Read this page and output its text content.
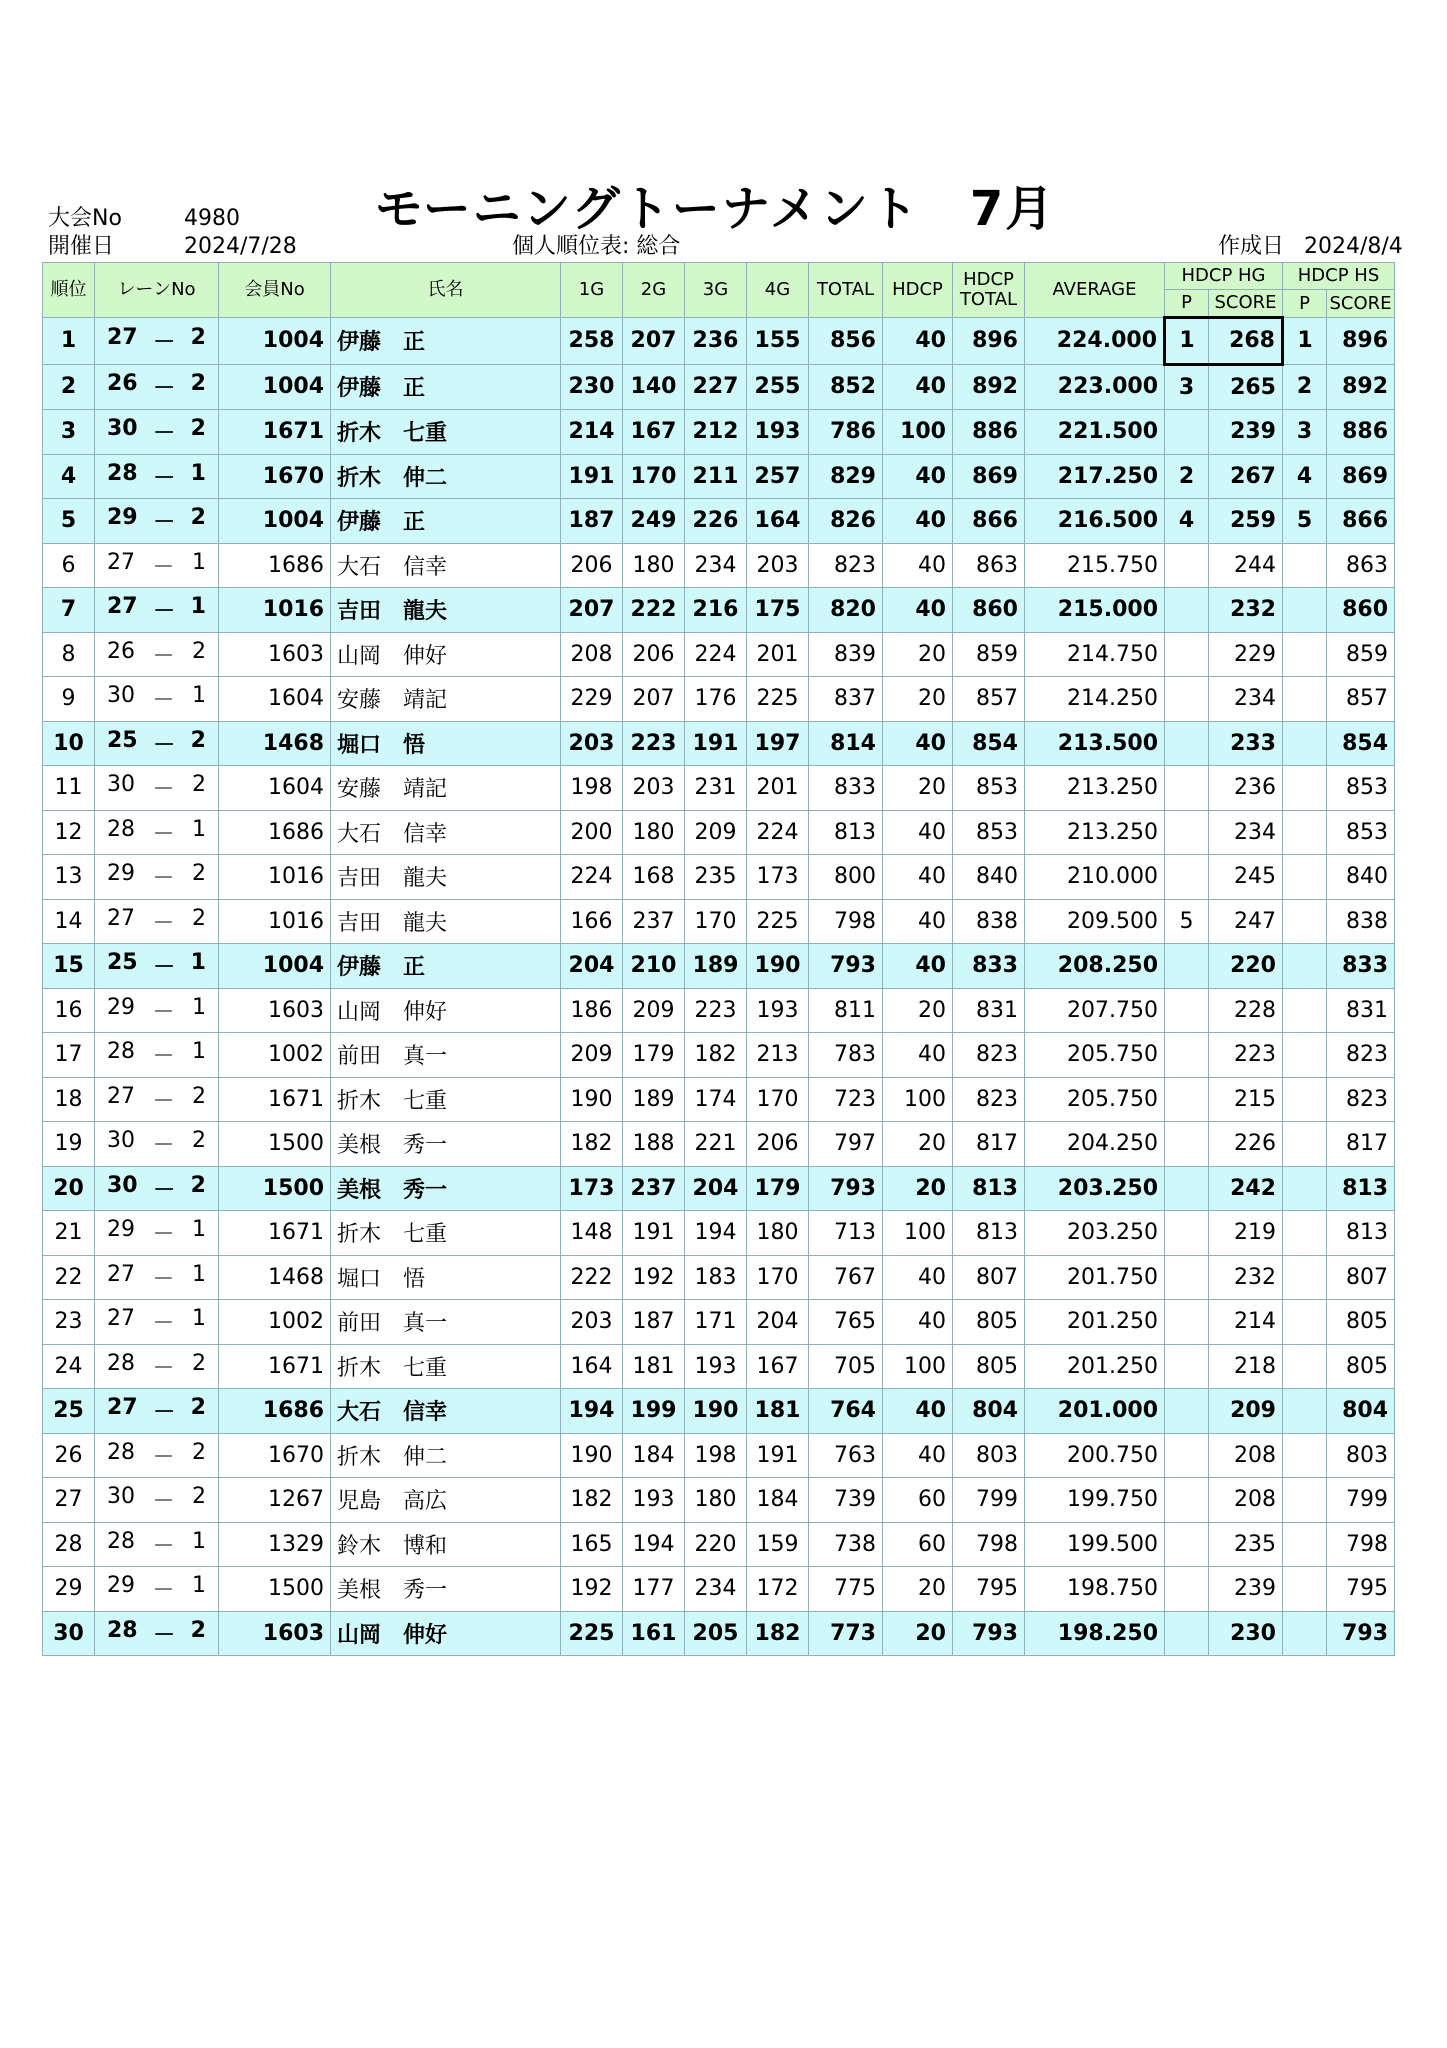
大会No	4980
開催日	2024/7/28
モーニングトーナメント　7月
個人順位表: 総合	作成日 2024/8/4
順位	レーンNo	会員No	氏名	1G	2G	3G	4G	TOTAL	HDCP	HDCP
TOTAL	AVERAGE	HDCP HG		HDCP HS	
												P	SCORE	P	SCORE
1	27 － 2	1004	伊藤　正	258	207	236	155	856	40	896	224.000	1	268	1	896
2	26 － 2	1004	伊藤　正	230	140	227	255	852	40	892	223.000	3	265	2	892
3	30 － 2	1671	折木　七重	214	167	212	193	786	100	886	221.500		239	3	886
4	28 － 1	1670	折木　伸二	191	170	211	257	829	40	869	217.250	2	267	4	869
5	29 － 2	1004	伊藤　正	187	249	226	164	826	40	866	216.500	4	259	5	866
6	27 － 1	1686	大石　信幸	206	180	234	203	823	40	863	215.750		244		863
7	27 － 1	1016	吉田　龍夫	207	222	216	175	820	40	860	215.000		232		860
8	26 － 2	1603	山岡　伸好	208	206	224	201	839	20	859	214.750		229		859
9	30 － 1	1604	安藤　靖記	229	207	176	225	837	20	857	214.250		234		857
10	25 － 2	1468	堀口　悟	203	223	191	197	814	40	854	213.500		233		854
11	30 － 2	1604	安藤　靖記	198	203	231	201	833	20	853	213.250		236		853
12	28 － 1	1686	大石　信幸	200	180	209	224	813	40	853	213.250		234		853
13	29 － 2	1016	吉田　龍夫	224	168	235	173	800	40	840	210.000		245		840
14	27 － 2	1016	吉田　龍夫	166	237	170	225	798	40	838	209.500	5	247		838
15	25 － 1	1004	伊藤　正	204	210	189	190	793	40	833	208.250		220		833
16	29 － 1	1603	山岡　伸好	186	209	223	193	811	20	831	207.750		228		831
17	28 － 1	1002	前田　真一	209	179	182	213	783	40	823	205.750		223		823
18	27 － 2	1671	折木　七重	190	189	174	170	723	100	823	205.750		215		823
19	30 － 2	1500	美根　秀一	182	188	221	206	797	20	817	204.250		226		817
20	30 － 2	1500	美根　秀一	173	237	204	179	793	20	813	203.250		242		813
21	29 － 1	1671	折木　七重	148	191	194	180	713	100	813	203.250		219		813
22	27 － 1	1468	堀口　悟	222	192	183	170	767	40	807	201.750		232		807
23	27 － 1	1002	前田　真一	203	187	171	204	765	40	805	201.250		214		805
24	28 － 2	1671	折木　七重	164	181	193	167	705	100	805	201.250		218		805
25	27 － 2	1686	大石　信幸	194	199	190	181	764	40	804	201.000		209		804
26	28 － 2	1670	折木　伸二	190	184	198	191	763	40	803	200.750		208		803
27	30 － 2	1267	児島　高広	182	193	180	184	739	60	799	199.750		208		799
28	28 － 1	1329	鈴木　博和	165	194	220	159	738	60	798	199.500		235		798
29	29 － 1	1500	美根　秀一	192	177	234	172	775	20	795	198.750		239		795
30	28 － 2	1603	山岡　伸好	225	161	205	182	773	20	793	198.250		230		793
